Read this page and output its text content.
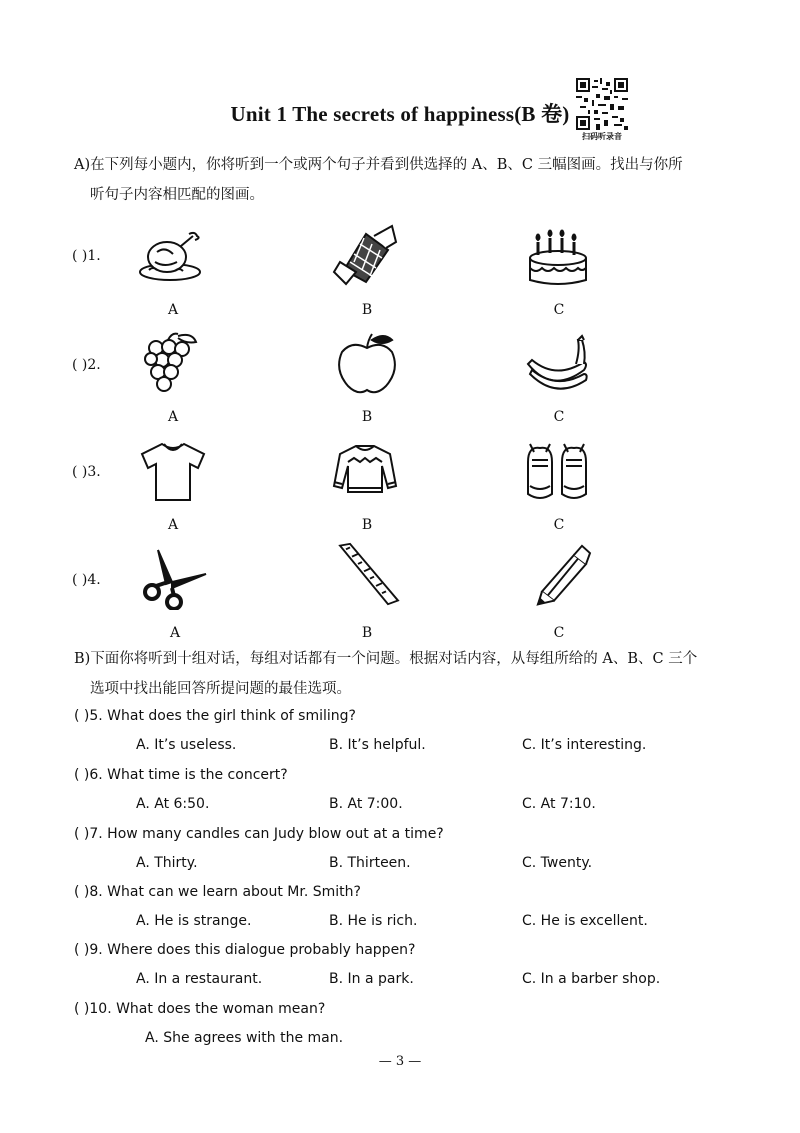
Unit 1 The secrets of happiness(B 卷)
扫码听录音
A)在下列每小题内，你将听到一个或两个句子并看到供选择的 A、B、C 三幅图画。找出与你所
听句子内容相匹配的图画。
( )1.
A	B	C
( )2.
A	B	C
( )3.
A	B	C
( )4.
A	B	C
B)下面你将听到十组对话，每组对话都有一个问题。根据对话内容，从每组所给的 A、B、C 三个
选项中找出能回答所提问题的最佳选项。
( )5. What does the girl think of smiling?
A. It’s useless.	B. It’s helpful.	C. It’s interesting.
( )6. What time is the concert?
A. At 6:50.	B. At 7:00.	C. At 7:10.
( )7. How many candles can Judy blow out at a time?
A. Thirty.	B. Thirteen.	C. Twenty.
( )8. What can we learn about Mr. Smith?
A. He is strange.	B. He is rich.	C. He is excellent.
( )9. Where does this dialogue probably happen?
A. In a restaurant.	B. In a park.	C. In a barber shop.
( )10. What does the woman mean?
A. She agrees with the man.
— 3 —
